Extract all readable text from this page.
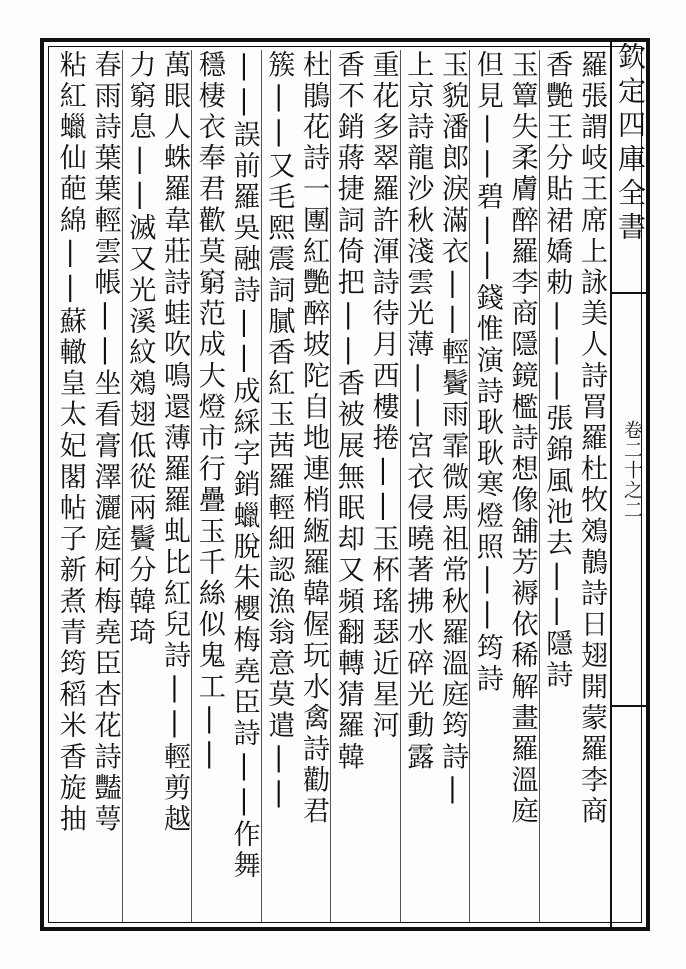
欽定四庫全書
卷二十之二
羅張謂岐王席上詠美人詩罥羅杜牧鵁鶄詩日翅開蒙羅李商
香艷王分貼裙嬌勅|||張錦風池去||隱詩
玉簟失柔膚醉羅李商隱鏡檻詩想像舖芳褥依稀解畫羅溫庭
但見||碧||錢惟演詩耿耿寒燈照||筠詩
玉貌潘郎淚滿衣||輕鬢雨霏微馬祖常秋羅溫庭筠詩|
上京詩龍沙秋淺雲光薄||宮衣侵曉著拂水碎光動露
重花多翠羅許渾詩待月西樓捲||玉杯瑤瑟近星河
香不銷蔣捷詞倚把||香被展無眠却又頻翻轉猜羅韓
杜鵑花詩一團紅艷醉坡陀自地連梢緪羅韓偓玩水禽詩勸君
簇||又毛熙震詞膩香紅玉茜羅輕細認漁翁意莫遣||
||誤前羅吳融詩||成綵字銷蠟脫朱櫻梅堯臣詩||作舞
穩棲衣奉君歡莫窮范成大燈市行疊玉千絲似鬼工||
萬眼人蛛羅韋莊詩蛙吹鳴還薄羅羅虬比紅兒詩||輕剪越
力窮息||滅又光溪紋鵁翅低從兩鬢分韓琦
春雨詩葉葉輕雲帳||坐看膏澤灑庭柯梅堯臣杏花詩豔萼
粘紅蠟仙葩綿||蘇轍皇太妃閣帖子新煮青筠稻米香旋抽
